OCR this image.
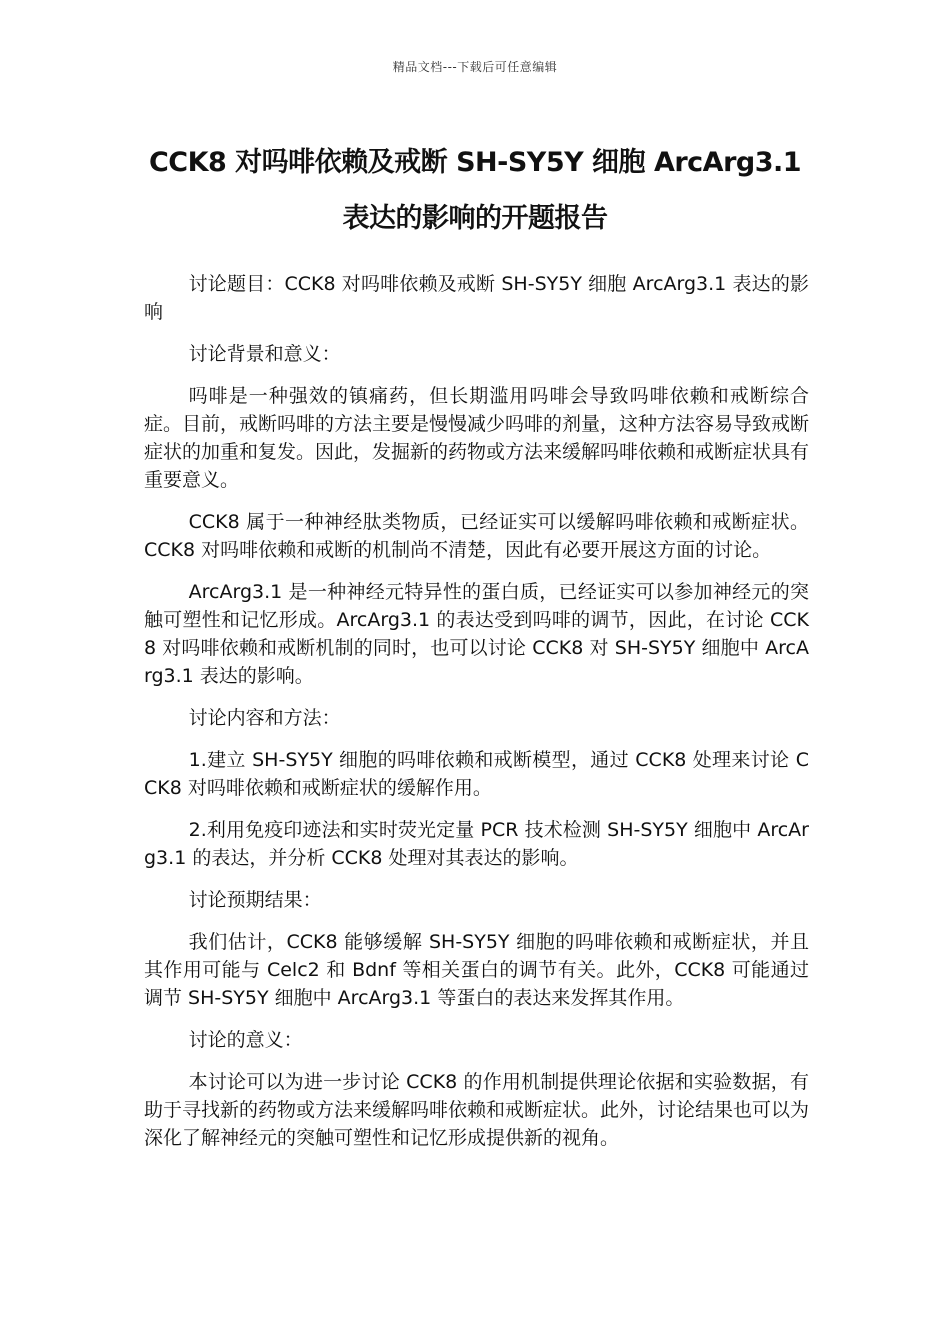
精品文档---下载后可任意编辑
CCK8 对吗啡依赖及戒断 SH-SY5Y 细胞 ArcArg3.1
表达的影响的开题报告

讨论题目：CCK8 对吗啡依赖及戒断 SH-SY5Y 细胞 ArcArg3.1 表达的影响

讨论背景和意义：

吗啡是一种强效的镇痛药，但长期滥用吗啡会导致吗啡依赖和戒断综合症。目前，戒断吗啡的方法主要是慢慢减少吗啡的剂量，这种方法容易导致戒断症状的加重和复发。因此，发掘新的药物或方法来缓解吗啡依赖和戒断症状具有重要意义。

CCK8 属于一种神经肽类物质，已经证实可以缓解吗啡依赖和戒断症状。CCK8 对吗啡依赖和戒断的机制尚不清楚，因此有必要开展这方面的讨论。

ArcArg3.1 是一种神经元特异性的蛋白质，已经证实可以参加神经元的突触可塑性和记忆形成。ArcArg3.1 的表达受到吗啡的调节，因此，在讨论 CCK8 对吗啡依赖和戒断机制的同时，也可以讨论 CCK8 对 SH-SY5Y 细胞中 ArcArg3.1 表达的影响。

讨论内容和方法：

1.建立 SH-SY5Y 细胞的吗啡依赖和戒断模型，通过 CCK8 处理来讨论 CCK8 对吗啡依赖和戒断症状的缓解作用。

2.利用免疫印迹法和实时荧光定量 PCR 技术检测 SH-SY5Y 细胞中 ArcArg3.1 的表达，并分析 CCK8 处理对其表达的影响。

讨论预期结果：

我们估计，CCK8 能够缓解 SH-SY5Y 细胞的吗啡依赖和戒断症状，并且其作用可能与 Celc2 和 Bdnf 等相关蛋白的调节有关。此外，CCK8 可能通过调节 SH-SY5Y 细胞中 ArcArg3.1 等蛋白的表达来发挥其作用。

讨论的意义：

本讨论可以为进一步讨论 CCK8 的作用机制提供理论依据和实验数据，有助于寻找新的药物或方法来缓解吗啡依赖和戒断症状。此外，讨论结果也可以为深化了解神经元的突触可塑性和记忆形成提供新的视角。
